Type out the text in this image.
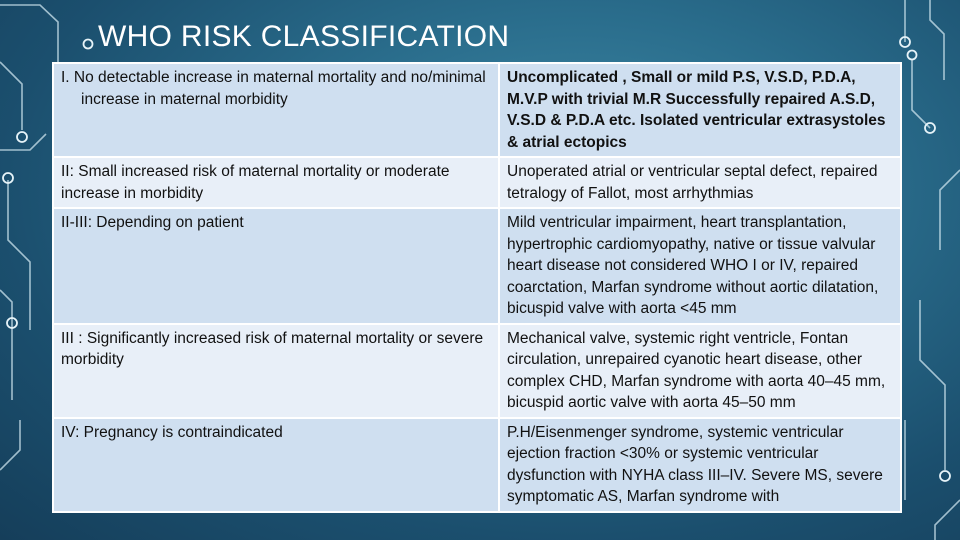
WHO RISK CLASSIFICATION
I. No detectable increase in maternal mortality and no/minimal increase in maternal morbidity	Uncomplicated , Small or mild P.S, V.S.D, P.D.A, M.V.P with trivial M.R Successfully repaired A.S.D, V.S.D & P.D.A etc. Isolated ventricular extrasystoles & atrial ectopics
II: Small increased risk of maternal mortality or moderate increase in morbidity	Unoperated atrial or ventricular septal defect, repaired tetralogy of Fallot, most arrhythmias
II-III: Depending on patient	Mild ventricular impairment, heart transplantation, hypertrophic cardiomyopathy, native or tissue valvular heart disease not considered WHO I or IV, repaired coarctation, Marfan syndrome without aortic dilatation, bicuspid valve with aorta <45 mm
III : Significantly increased risk of maternal mortality or severe morbidity	Mechanical valve, systemic right ventricle, Fontan circulation, unrepaired cyanotic heart disease, other complex CHD, Marfan syndrome with aorta 40–45 mm, bicuspid aortic valve with aorta 45–50 mm
IV: Pregnancy is contraindicated	P.H/Eisenmenger syndrome, systemic ventricular ejection fraction <30% or systemic ventricular dysfunction with NYHA class III–IV. Severe MS, severe symptomatic AS, Marfan syndrome with
